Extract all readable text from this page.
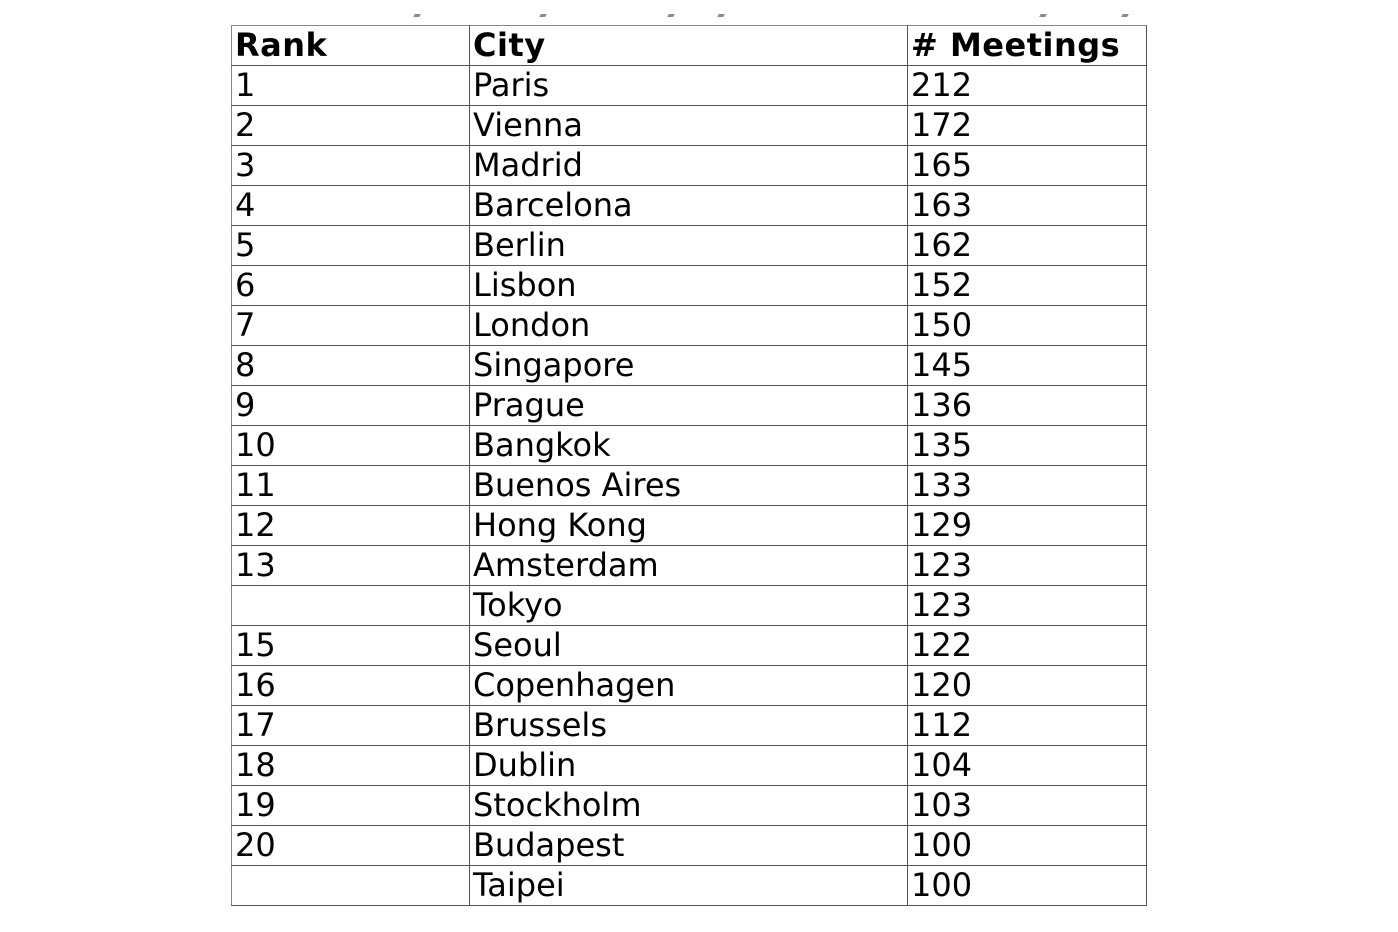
Rank	City	# Meetings
1	Paris	212
2	Vienna	172
3	Madrid	165
4	Barcelona	163
5	Berlin	162
6	Lisbon	152
7	London	150
8	Singapore	145
9	Prague	136
10	Bangkok	135
11	Buenos Aires	133
12	Hong Kong	129
13	Amsterdam	123
	Tokyo	123
15	Seoul	122
16	Copenhagen	120
17	Brussels	112
18	Dublin	104
19	Stockholm	103
20	Budapest	100
	Taipei	100
